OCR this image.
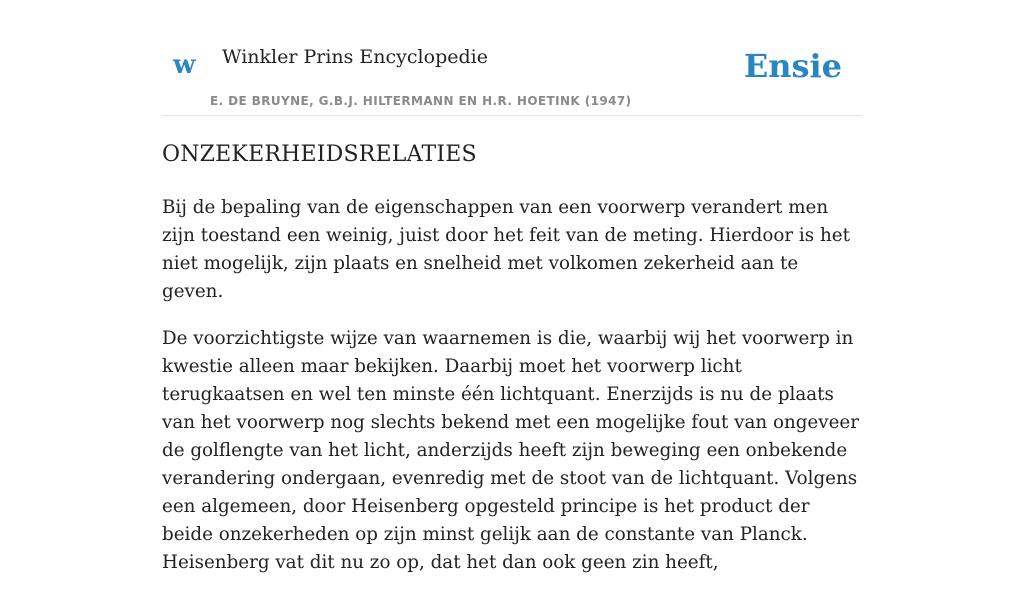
w Winkler Prins Encyclopedie
E. DE BRUYNE, G.B.J. HILTERMANN EN H.R. HOETINK (1947)
Ensie
ONZEKERHEIDSRELATIES

Bij de bepaling van de eigenschappen van een voorwerp verandert men zijn toestand een weinig, juist door het feit van de meting. Hierdoor is het niet mogelijk, zijn plaats en snelheid met volkomen zekerheid aan te geven.

De voorzichtigste wijze van waarnemen is die, waarbij wij het voorwerp in kwestie alleen maar bekijken. Daarbij moet het voorwerp licht terugkaatsen en wel ten minste één lichtquant. Enerzijds is nu de plaats van het voorwerp nog slechts bekend met een mogelijke fout van ongeveer de golflengte van het licht, anderzijds heeft zijn beweging een onbekende verandering ondergaan, evenredig met de stoot van de lichtquant. Volgens een algemeen, door Heisenberg opgesteld principe is het product der beide onzekerheden op zijn minst gelijk aan de constante van Planck. Heisenberg vat dit nu zo op, dat het dan ook geen zin heeft,
